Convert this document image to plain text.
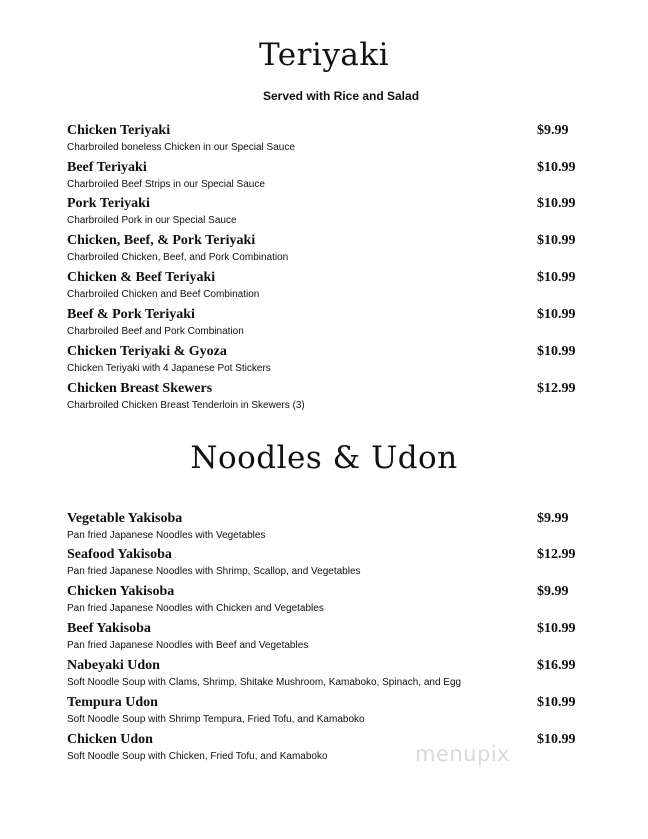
Teriyaki
Served with Rice and Salad
Chicken Teriyaki	$9.99
Charbroiled boneless Chicken in our Special Sauce
Beef Teriyaki	$10.99
Charbroiled Beef Strips in our Special Sauce
Pork Teriyaki	$10.99
Charbroiled Pork in our Special Sauce
Chicken, Beef, & Pork Teriyaki	$10.99
Charbroiled Chicken, Beef, and Pork Combination
Chicken & Beef Teriyaki	$10.99
Charbroiled Chicken and Beef Combination
Beef & Pork Teriyaki	$10.99
Charbroiled Beef and Pork Combination
Chicken Teriyaki & Gyoza	$10.99
Chicken Teriyaki with 4 Japanese Pot Stickers
Chicken Breast Skewers	$12.99
Charbroiled Chicken Breast Tenderloin in Skewers (3)
Noodles & Udon
Vegetable Yakisoba	$9.99
Pan fried Japanese Noodles with Vegetables
Seafood Yakisoba	$12.99
Pan fried Japanese Noodles with Shrimp, Scallop, and Vegetables
Chicken Yakisoba	$9.99
Pan fried Japanese Noodles with Chicken and Vegetables
Beef Yakisoba	$10.99
Pan fried Japanese Noodles with Beef and Vegetables
Nabeyaki Udon	$16.99
Soft Noodle Soup with Clams, Shrimp, Shitake Mushroom, Kamaboko, Spinach, and Egg
Tempura Udon	$10.99
Soft Noodle Soup with Shrimp Tempura, Fried Tofu, and Kamaboko
Chicken Udon	$10.99
Soft Noodle Soup with Chicken, Fried Tofu, and Kamaboko	menupix
